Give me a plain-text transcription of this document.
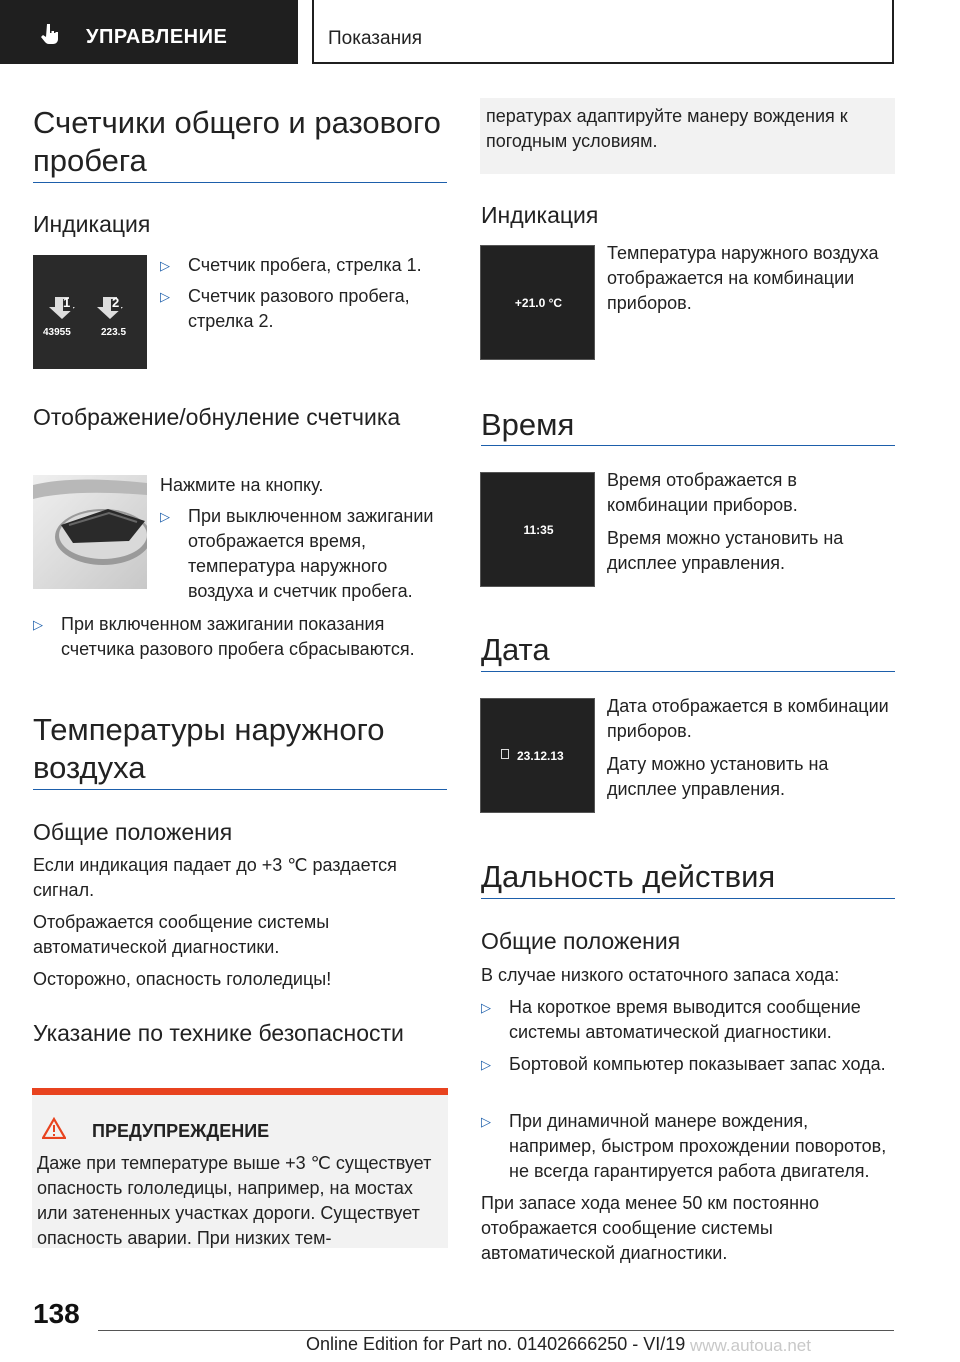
УПРАВЛЕНИЕ	Показания
Счетчики общего и разового пробега
Индикация
1	2
43955	223.5
▷	Счетчик пробега, стрелка 1.
▷	Счетчик разового пробега, стрелка 2.
Отображение/обнуление счетчика
Нажмите на кнопку.
▷	При выключенном зажигании отображается время, температура наружного воздуха и счетчик пробега.
▷	При включенном зажигании показания счетчика разового пробега сбрасываются.
Температуры наружного воздуха
Общие положения
Если индикация падает до +3 ℃ раздается сигнал.
Отображается сообщение системы автоматической диагностики.
Осторожно, опасность гололедицы!
Указание по технике безопасности
ПРЕДУПРЕЖДЕНИЕ
Даже при температуре выше +3 ℃ существует опасность гололедицы, например, на мостах или затененных участках дороги. Существует опасность аварии. При низких тем-
пературах адаптируйте манеру вождения к погодным условиям.
Индикация
+21.0 °C
Температура наружного воздуха отображается на комбинации приборов.
Время
11:35
Время отображается в комбинации приборов.
Время можно установить на дисплее управления.
Дата
23.12.13
Дата отображается в комбинации приборов.
Дату можно установить на дисплее управления.
Дальность действия
Общие положения
В случае низкого остаточного запаса хода:
▷	На короткое время выводится сообщение системы автоматической диагностики.
▷	Бортовой компьютер показывает запас хода.
▷	При динамичной манере вождения, например, быстром прохождении поворотов, не всегда гарантируется работа двигателя.
При запасе хода менее 50 км постоянно отображается сообщение системы автоматической диагностики.
138
Online Edition for Part no. 01402666250 - VI/19 www.autoua.net
